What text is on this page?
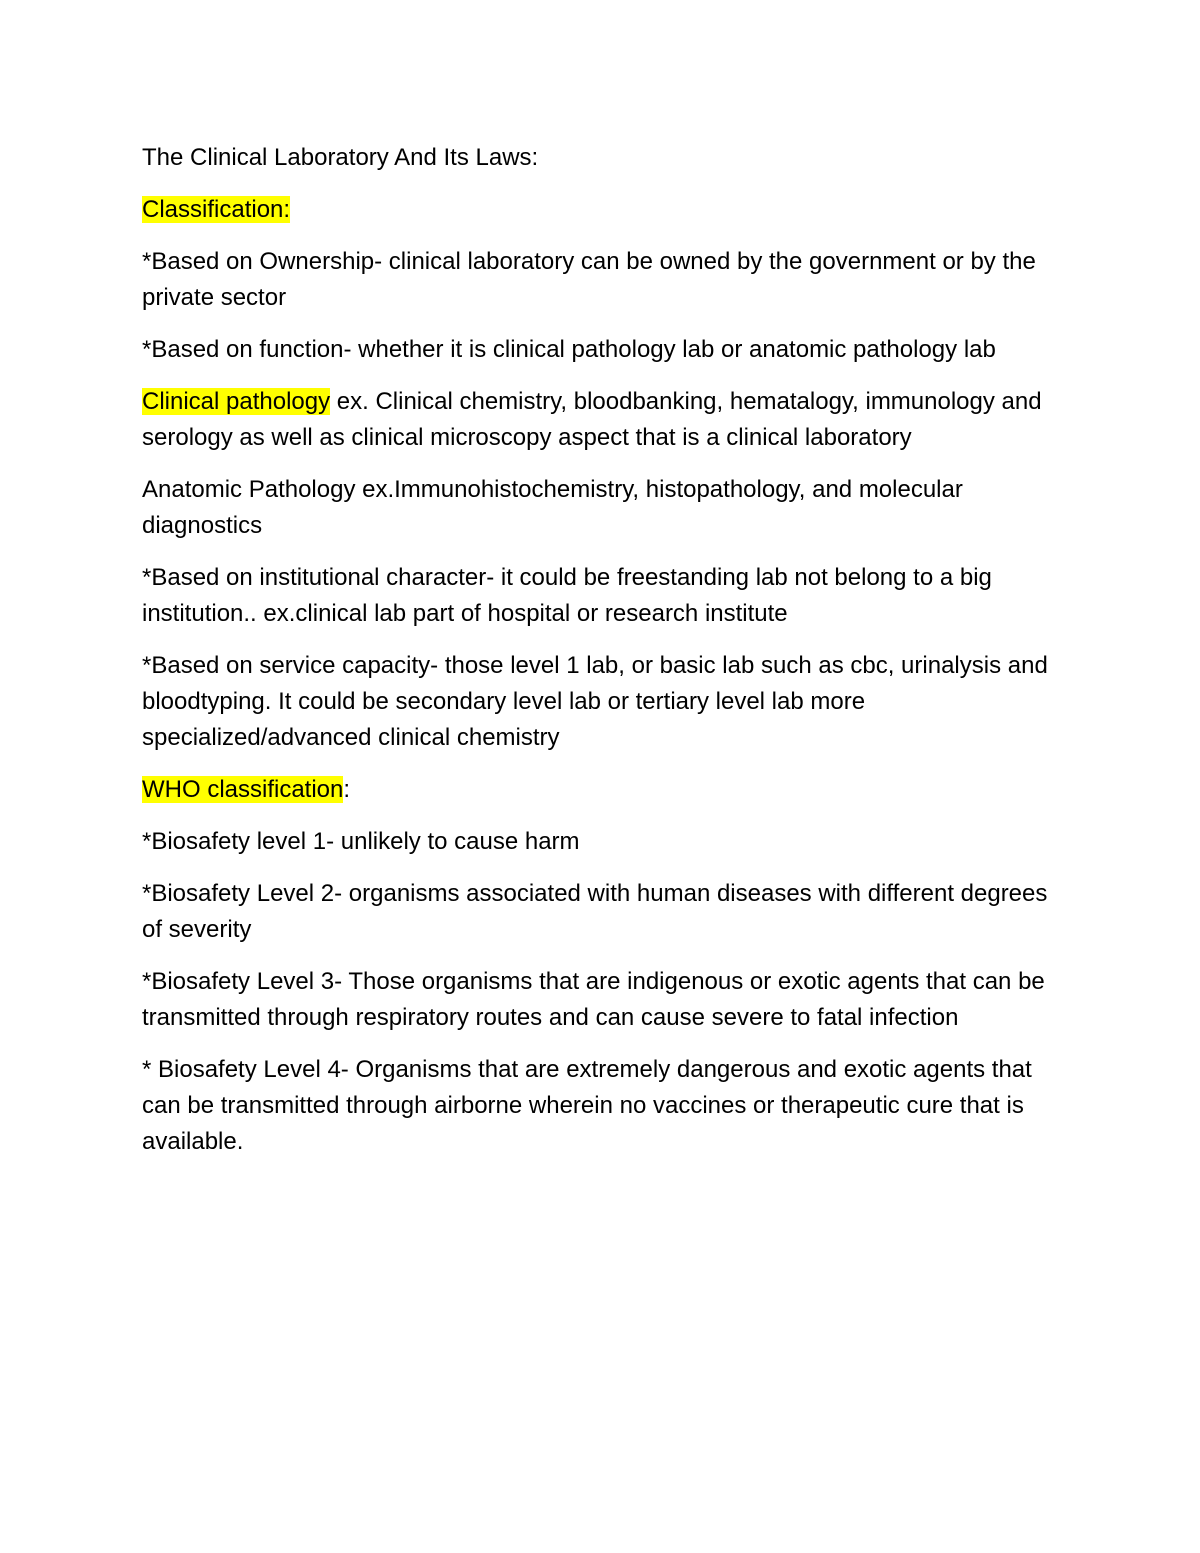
The Clinical Laboratory And Its Laws:

Classification:

*Based on Ownership- clinical laboratory can be owned by the government or by the private sector

*Based on function- whether it is clinical pathology lab or anatomic pathology lab

Clinical pathology ex. Clinical chemistry, bloodbanking, hematalogy, immunology and serology as well as clinical microscopy aspect that is a clinical laboratory

Anatomic Pathology ex.Immunohistochemistry, histopathology, and molecular diagnostics

*Based on institutional character- it could be freestanding lab not belong to a big institution.. ex.clinical lab part of hospital or research institute

*Based on service capacity- those level 1 lab, or basic lab such as cbc, urinalysis and bloodtyping. It could be secondary level lab or tertiary level lab more specialized/advanced clinical chemistry

WHO classification:

*Biosafety level 1- unlikely to cause harm

*Biosafety Level 2- organisms associated with human diseases with different degrees of severity

*Biosafety Level 3- Those organisms that are indigenous or exotic agents that can be transmitted through respiratory routes and can cause severe to fatal infection

* Biosafety Level 4- Organisms that are extremely dangerous and exotic agents that can be transmitted through airborne wherein no vaccines or therapeutic cure that is available.
